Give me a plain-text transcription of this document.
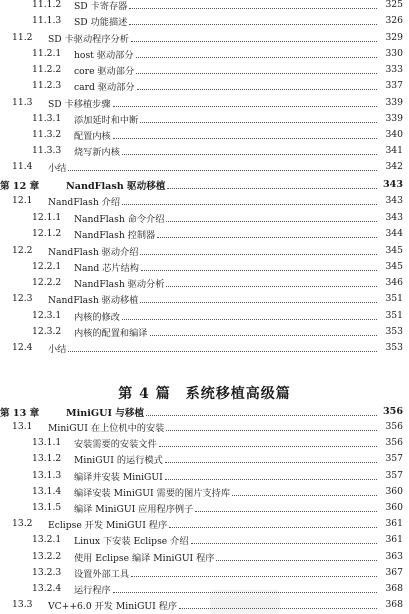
第 4 篇　系统移植高级篇
11.1.2	SD 卡寄存器	325
11.1.3	SD 功能描述	326
11.2	SD 卡驱动程序分析	329
11.2.1	host 驱动部分	330
11.2.2	core 驱动部分	333
11.2.3	card 驱动部分	337
11.3	SD 卡移植步骤	339
11.3.1	添加延时和中断	339
11.3.2	配置内核	340
11.3.3	烧写新内核	341
11.4	小结	342
第 12 章	NandFlash 驱动移植	343
12.1	NandFlash 介绍	343
12.1.1	NandFlash 命令介绍	343
12.1.2	NandFlash 控制器	344
12.2	NandFlash 驱动介绍	345
12.2.1	Nand 芯片结构	345
12.2.2	NandFlash 驱动分析	346
12.3	NandFlash 驱动移植	351
12.3.1	内核的修改	351
12.3.2	内核的配置和编译	353
12.4	小结	353
第 13 章	MiniGUI 与移植	356
13.1	MiniGUI 在上位机中的安装	356
13.1.1	安装需要的安装文件	356
13.1.2	MiniGUI 的运行模式	357
13.1.3	编译并安装 MiniGUI	357
13.1.4	编译安装 MiniGUI 需要的图片支持库	360
13.1.5	编译 MiniGUI 应用程序例子	360
13.2	Eclipse 开发 MiniGUI 程序	361
13.2.1	Linux 下安装 Eclipse 介绍	361
13.2.2	使用 Eclipse 编译 MiniGUI 程序	363
13.2.3	设置外部工具	367
13.2.4	运行程序	368
13.3	VC++6.0 开发 MiniGUI 程序	368
